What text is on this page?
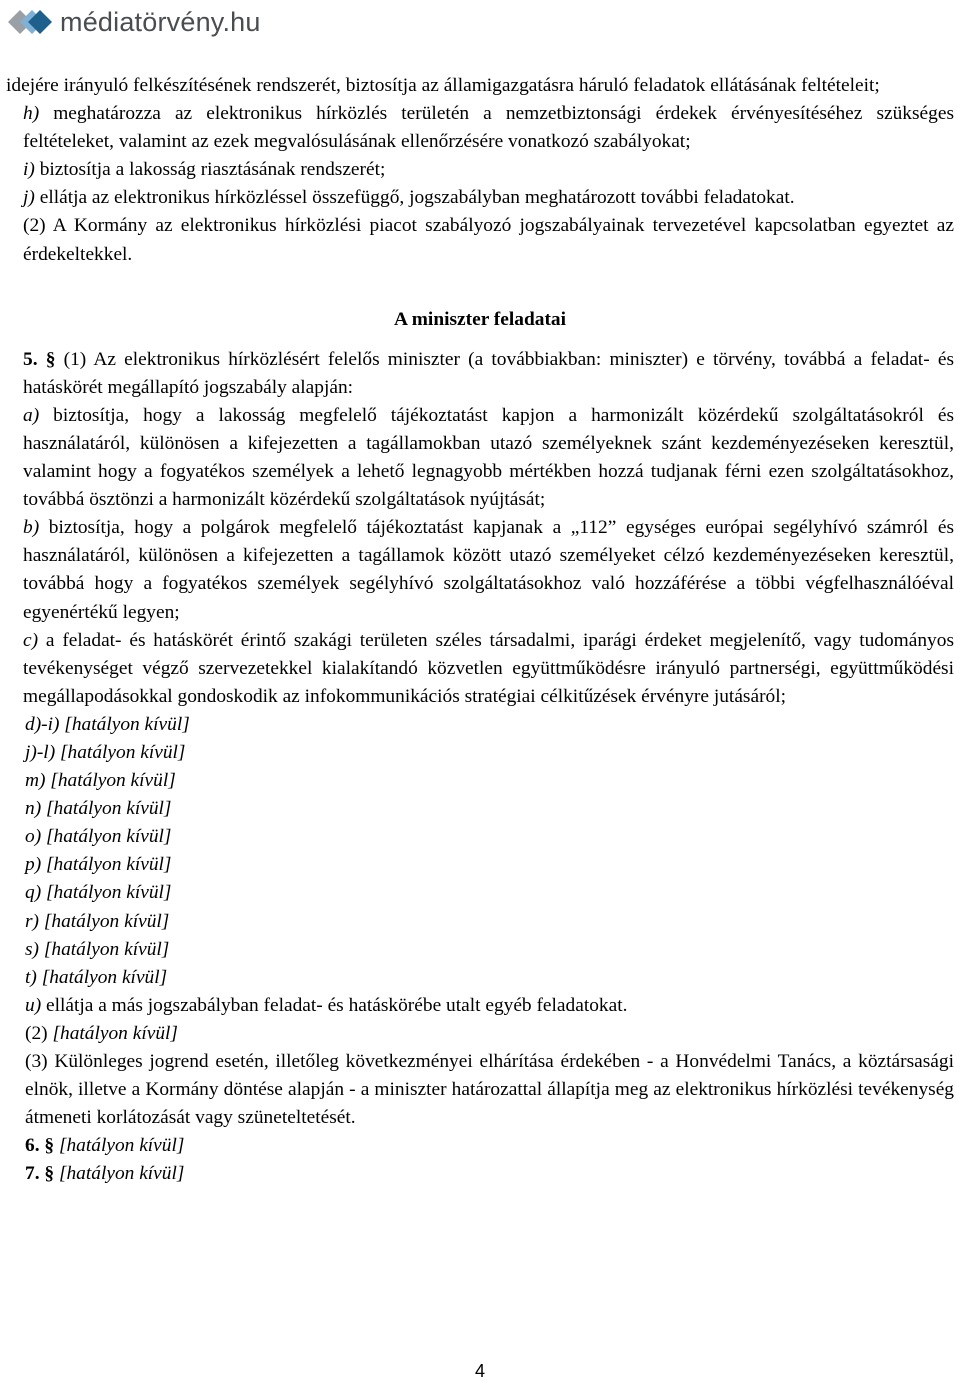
médiatörvény.hu

idejére irányuló felkészítésének rendszerét, biztosítja az államigazgatásra háruló feladatok ellátásának feltételeit;

h) meghatározza az elektronikus hírközlés területén a nemzetbiztonsági érdekek érvényesítéséhez szükséges feltételeket, valamint az ezek megvalósulásának ellenőrzésére vonatkozó szabályokat;

i) biztosítja a lakosság riasztásának rendszerét;

j) ellátja az elektronikus hírközléssel összefüggő, jogszabályban meghatározott további feladatokat.

(2) A Kormány az elektronikus hírközlési piacot szabályozó jogszabályainak tervezetével kapcsolatban egyeztet az érdekeltekkel.

A miniszter feladatai

5. § (1) Az elektronikus hírközlésért felelős miniszter (a továbbiakban: miniszter) e törvény, továbbá a feladat- és hatáskörét megállapító jogszabály alapján:

a) biztosítja, hogy a lakosság megfelelő tájékoztatást kapjon a harmonizált közérdekű szolgáltatásokról és használatáról, különösen a kifejezetten a tagállamokban utazó személyeknek szánt kezdeményezéseken keresztül, valamint hogy a fogyatékos személyek a lehető legnagyobb mértékben hozzá tudjanak férni ezen szolgáltatásokhoz, továbbá ösztönzi a harmonizált közérdekű szolgáltatások nyújtását;

b) biztosítja, hogy a polgárok megfelelő tájékoztatást kapjanak a „112” egységes európai segélyhívó számról és használatáról, különösen a kifejezetten a tagállamok között utazó személyeket célzó kezdeményezéseken keresztül, továbbá hogy a fogyatékos személyek segélyhívó szolgáltatásokhoz való hozzáférése a többi végfelhasználóéval egyenértékű legyen;

c) a feladat- és hatáskörét érintő szakági területen széles társadalmi, iparági érdeket megjelenítő, vagy tudományos tevékenységet végző szervezetekkel kialakítandó közvetlen együttműködésre irányuló partnerségi, együttműködési megállapodásokkal gondoskodik az infokommunikációs stratégiai célkitűzések érvényre jutásáról;

d)-i) [hatályon kívül]

j)-l) [hatályon kívül]

m) [hatályon kívül]

n) [hatályon kívül]

o) [hatályon kívül]

p) [hatályon kívül]

q) [hatályon kívül]

r) [hatályon kívül]

s) [hatályon kívül]

t) [hatályon kívül]

u) ellátja a más jogszabályban feladat- és hatáskörébe utalt egyéb feladatokat.

(2) [hatályon kívül]

(3) Különleges jogrend esetén, illetőleg következményei elhárítása érdekében - a Honvédelmi Tanács, a köztársasági elnök, illetve a Kormány döntése alapján - a miniszter határozattal állapítja meg az elektronikus hírközlési tevékenység átmeneti korlátozását vagy szüneteltetését.

6. § [hatályon kívül]

7. § [hatályon kívül]

4
